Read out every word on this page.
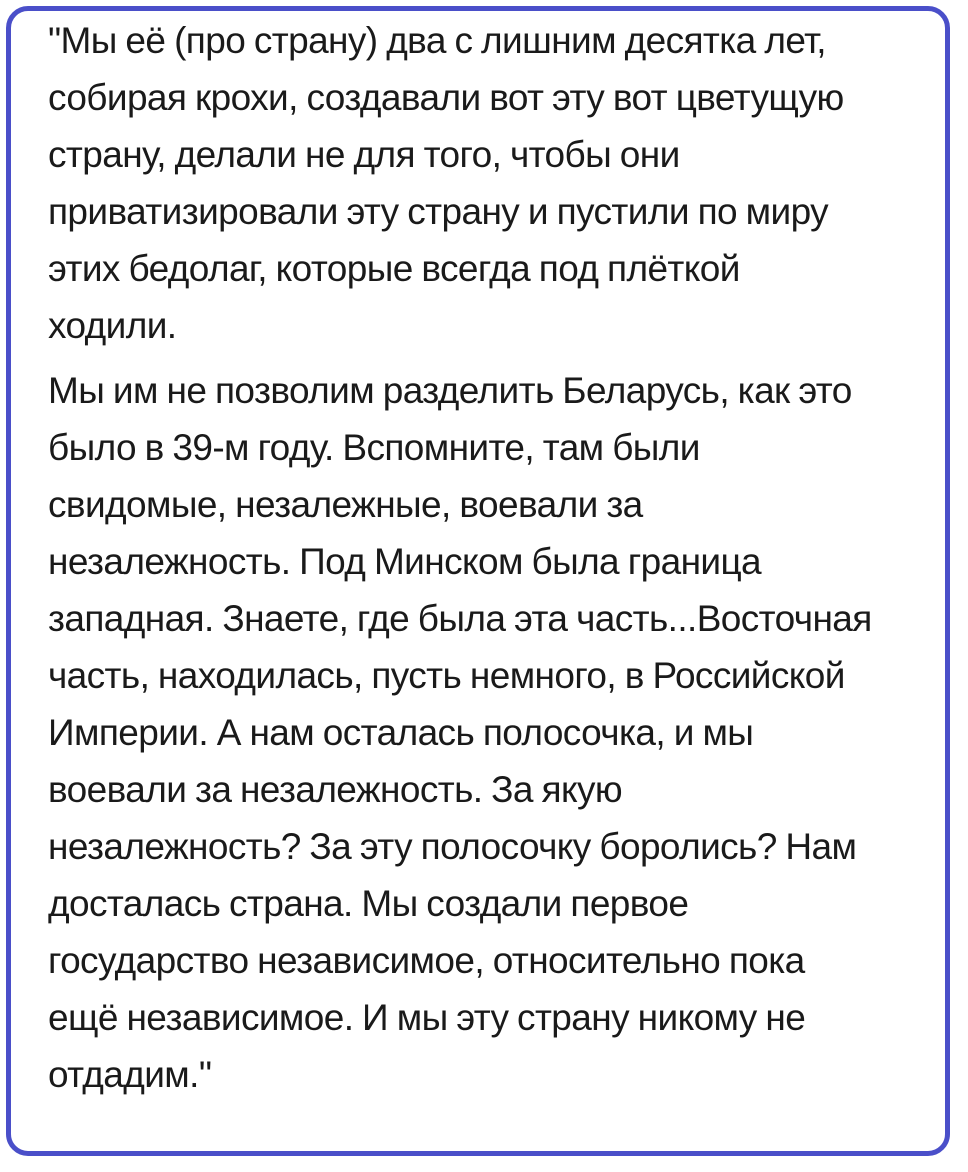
"Мы её (про страну) два с лишним десятка лет,
собирая крохи, создавали вот эту вот цветущую
страну, делали не для того, чтобы они
приватизировали эту страну и пустили по миру
этих бедолаг, которые всегда под плёткой
ходили.
Мы им не позволим разделить Беларусь, как это
было в 39-м году. Вспомните, там были
свидомые, незалежные, воевали за
незалежность. Под Минском была граница
западная. Знаете, где была эта часть...Восточная
часть, находилась, пусть немного, в Российской
Империи. А нам осталась полосочка, и мы
воевали за незалежность. За якую
незалежность? За эту полосочку боролись? Нам
досталась страна. Мы создали первое
государство независимое, относительно пока
ещё независимое. И мы эту страну никому не
отдадим."
